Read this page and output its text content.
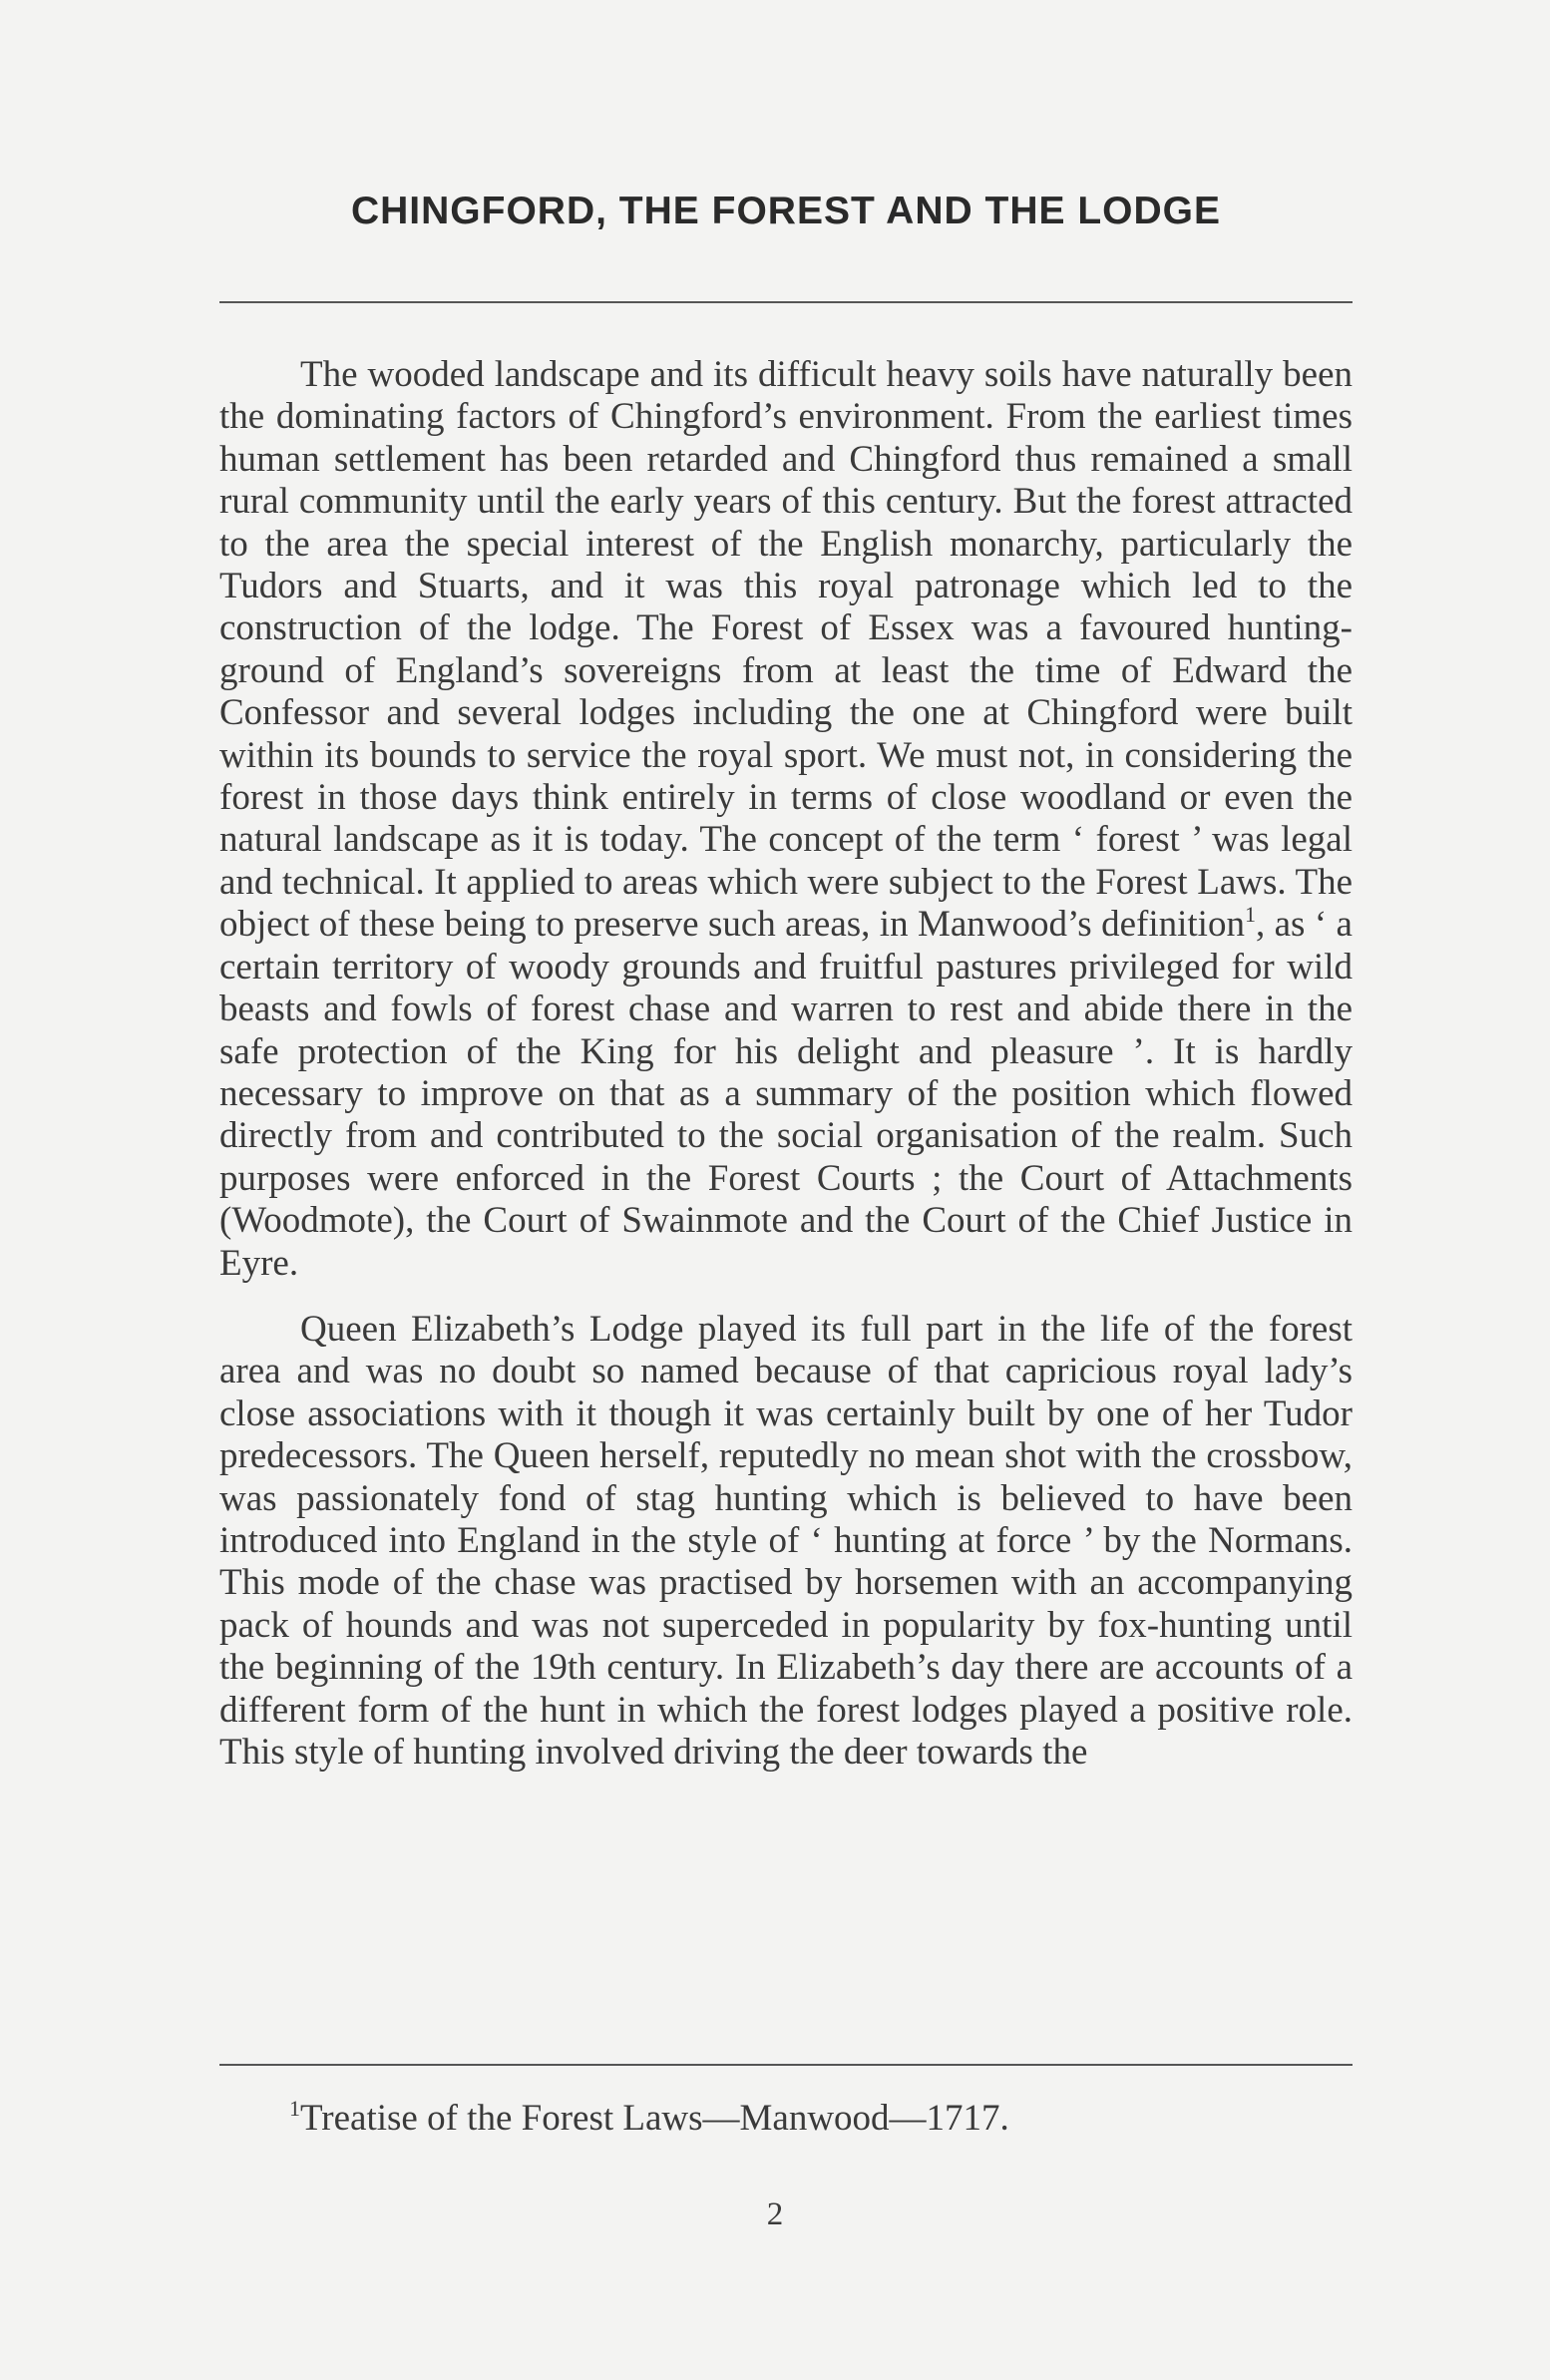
CHINGFORD, THE FOREST AND THE LODGE

The wooded landscape and its difficult heavy soils have naturally been the dominating factors of Chingford’s environment. From the earliest times human settlement has been retarded and Chingford thus remained a small rural community until the early years of this century. But the forest attracted to the area the special interest of the English monarchy, particularly the Tudors and Stuarts, and it was this royal patronage which led to the construction of the lodge. The Forest of Essex was a favoured hunting-ground of England’s sovereigns from at least the time of Edward the Confessor and several lodges including the one at Chingford were built within its bounds to service the royal sport. We must not, in considering the forest in those days think entirely in terms of close woodland or even the natural landscape as it is today. The concept of the term ‘ forest ’ was legal and technical. It applied to areas which were subject to the Forest Laws. The object of these being to preserve such areas, in Manwood’s definition$^1$, as ‘ a certain territory of woody grounds and fruitful pastures privileged for wild beasts and fowls of forest chase and warren to rest and abide there in the safe protection of the King for his delight and pleasure ’. It is hardly necessary to improve on that as a summary of the position which flowed directly from and contributed to the social organisation of the realm. Such purposes were enforced in the Forest Courts ; the Court of Attachments (Woodmote), the Court of Swainmote and the Court of the Chief Justice in Eyre.

Queen Elizabeth’s Lodge played its full part in the life of the forest area and was no doubt so named because of that capricious royal lady’s close associations with it though it was certainly built by one of her Tudor predecessors. The Queen herself, reputedly no mean shot with the crossbow, was passionately fond of stag hunting which is believed to have been introduced into England in the style of ‘ hunting at force ’ by the Normans. This mode of the chase was practised by horsemen with an accompanying pack of hounds and was not superceded in popularity by fox-hunting until the beginning of the 19th century. In Elizabeth’s day there are accounts of a different form of the hunt in which the forest lodges played a positive role. This style of hunting involved driving the deer towards the

$^1$Treatise of the Forest Laws—Manwood—1717.

2
